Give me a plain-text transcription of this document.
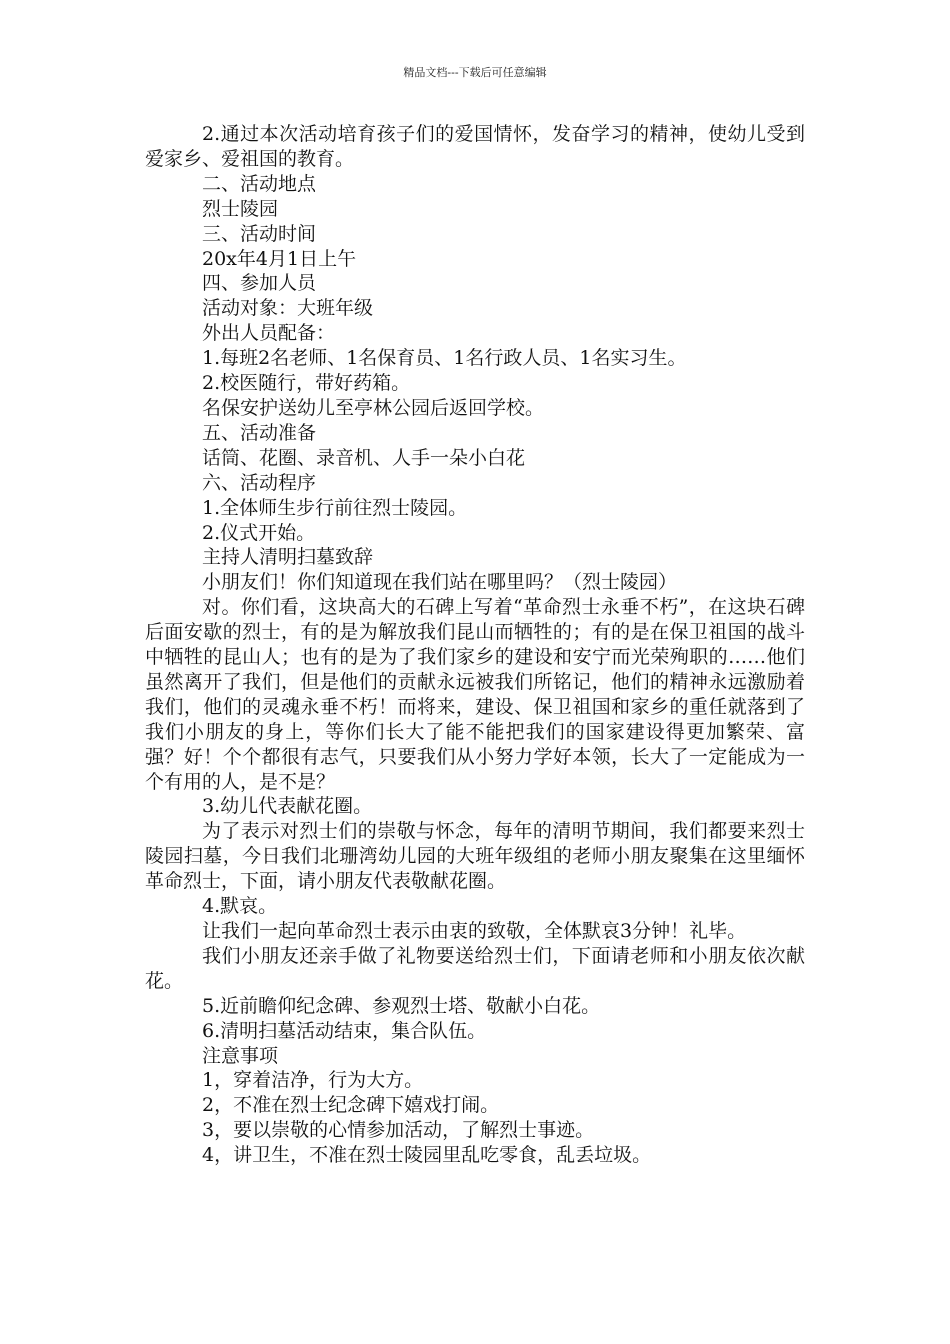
精品文档---下载后可任意编辑

2.通过本次活动培育孩子们的爱国情怀，发奋学习的精神，使幼儿受到爱家乡、爱祖国的教育。

二、活动地点

烈士陵园

三、活动时间

20x年4月1日上午

四、参加人员

活动对象：大班年级

外出人员配备：

1.每班2名老师、1名保育员、1名行政人员、1名实习生。

2.校医随行，带好药箱。

名保安护送幼儿至亭林公园后返回学校。

五、活动准备

话筒、花圈、录音机、人手一朵小白花

六、活动程序

1.全体师生步行前往烈士陵园。

2.仪式开始。

主持人清明扫墓致辞

小朋友们！你们知道现在我们站在哪里吗？（烈士陵园）

对。你们看，这块高大的石碑上写着“革命烈士永垂不朽”，在这块石碑后面安歇的烈士，有的是为解放我们昆山而牺牲的；有的是在保卫祖国的战斗中牺牲的昆山人；也有的是为了我们家乡的建设和安宁而光荣殉职的……他们虽然离开了我们，但是他们的贡献永远被我们所铭记，他们的精神永远激励着我们，他们的灵魂永垂不朽！而将来，建设、保卫祖国和家乡的重任就落到了我们小朋友的身上，等你们长大了能不能把我们的国家建设得更加繁荣、富强？好！个个都很有志气，只要我们从小努力学好本领，长大了一定能成为一个有用的人，是不是？

3.幼儿代表献花圈。

为了表示对烈士们的崇敬与怀念，每年的清明节期间，我们都要来烈士陵园扫墓，今日我们北珊湾幼儿园的大班年级组的老师小朋友聚集在这里缅怀革命烈士，下面，请小朋友代表敬献花圈。

4.默哀。

让我们一起向革命烈士表示由衷的致敬，全体默哀3分钟！礼毕。

我们小朋友还亲手做了礼物要送给烈士们，下面请老师和小朋友依次献花。

5.近前瞻仰纪念碑、参观烈士塔、敬献小白花。

6.清明扫墓活动结束，集合队伍。

注意事项

1，穿着洁净，行为大方。

2，不准在烈士纪念碑下嬉戏打闹。

3，要以崇敬的心情参加活动，了解烈士事迹。

4，讲卫生，不准在烈士陵园里乱吃零食，乱丢垃圾。
